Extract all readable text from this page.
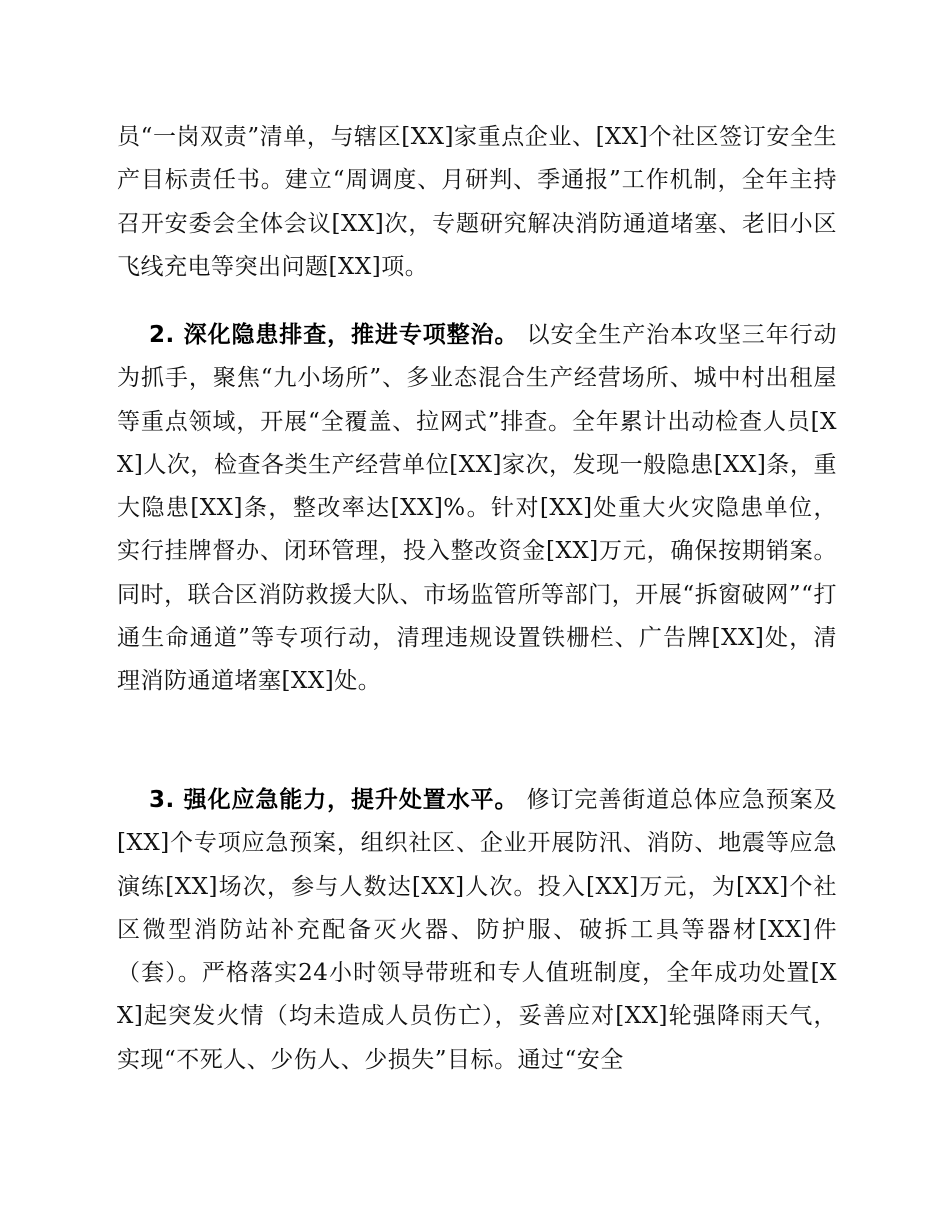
员“一岗双责”清单，与辖区[XX]家重点企业、[XX]个社区签订安全生产目标责任书。建立“周调度、月研判、季通报”工作机制，全年主持召开安委会全体会议[XX]次，专题研究解决消防通道堵塞、老旧小区飞线充电等突出问题[XX]项。

2. 深化隐患排查，推进专项整治。 以安全生产治本攻坚三年行动为抓手，聚焦“九小场所”、多业态混合生产经营场所、城中村出租屋等重点领域，开展“全覆盖、拉网式”排查。全年累计出动检查人员[XX]人次，检查各类生产经营单位[XX]家次，发现一般隐患[XX]条，重大隐患[XX]条，整改率达[XX]%。针对[XX]处重大火灾隐患单位，实行挂牌督办、闭环管理，投入整改资金[XX]万元，确保按期销案。同时，联合区消防救援大队、市场监管所等部门，开展“拆窗破网”“打通生命通道”等专项行动，清理违规设置铁栅栏、广告牌[XX]处，清理消防通道堵塞[XX]处。

3. 强化应急能力，提升处置水平。 修订完善街道总体应急预案及[XX]个专项应急预案，组织社区、企业开展防汛、消防、地震等应急演练[XX]场次，参与人数达[XX]人次。投入[XX]万元，为[XX]个社区微型消防站补充配备灭火器、防护服、破拆工具等器材[XX]件（套）。严格落实24小时领导带班和专人值班制度，全年成功处置[XX]起突发火情（均未造成人员伤亡），妥善应对[XX]轮强降雨天气，实现“不死人、少伤人、少损失”目标。通过“安全
